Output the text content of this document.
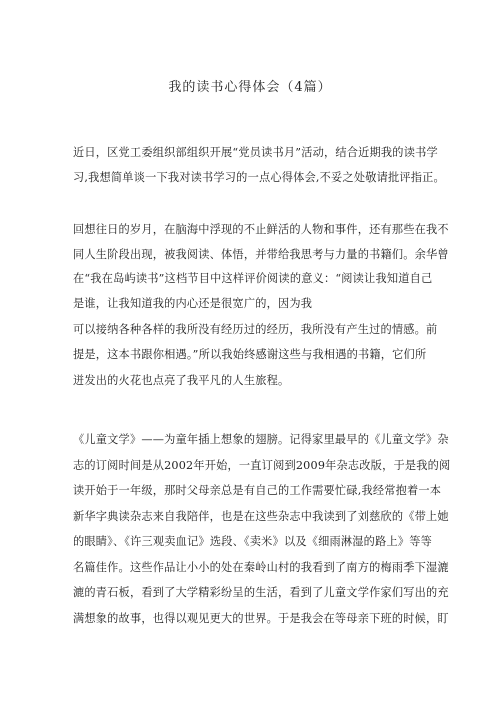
我的读书心得体会（4篇）
近日，区党工委组织部组织开展“党员读书月”活动，结合近期我的读书学
习,我想简单谈一下我对读书学习的一点心得体会,不妥之处敬请批评指正。
回想往日的岁月，在脑海中浮现的不止鲜活的人物和事件，还有那些在我不
同人生阶段出现，被我阅读、体悟，并带给我思考与力量的书籍们。余华曾
在“我在岛屿读书”这档节目中这样评价阅读的意义：“阅读让我知道自己
是谁，让我知道我的内心还是很宽广的，因为我
可以接纳各种各样的我所没有经历过的经历，我所没有产生过的情感。前
提是，这本书跟你相遇。”所以我始终感谢这些与我相遇的书籍，它们所
迸发出的火花也点亮了我平凡的人生旅程。
《儿童文学》——为童年插上想象的翅膀。记得家里最早的《儿童文学》杂
志的订阅时间是从2002年开始，一直订阅到2009年杂志改版，于是我的阅
读开始于一年级，那时父母亲总是有自己的工作需要忙碌,我经常抱着一本
新华字典读杂志来自我陪伴，也是在这些杂志中我读到了刘慈欣的《带上她
的眼睛》、《许三观卖血记》选段、《卖米》以及《细雨淋湿的路上》等等
名篇佳作。这些作品让小小的处在秦岭山村的我看到了南方的梅雨季下湿漉
漉的青石板，看到了大学精彩纷呈的生活，看到了儿童文学作家们写出的充
满想象的故事，也得以观见更大的世界。于是我会在等母亲下班的时候，盯
